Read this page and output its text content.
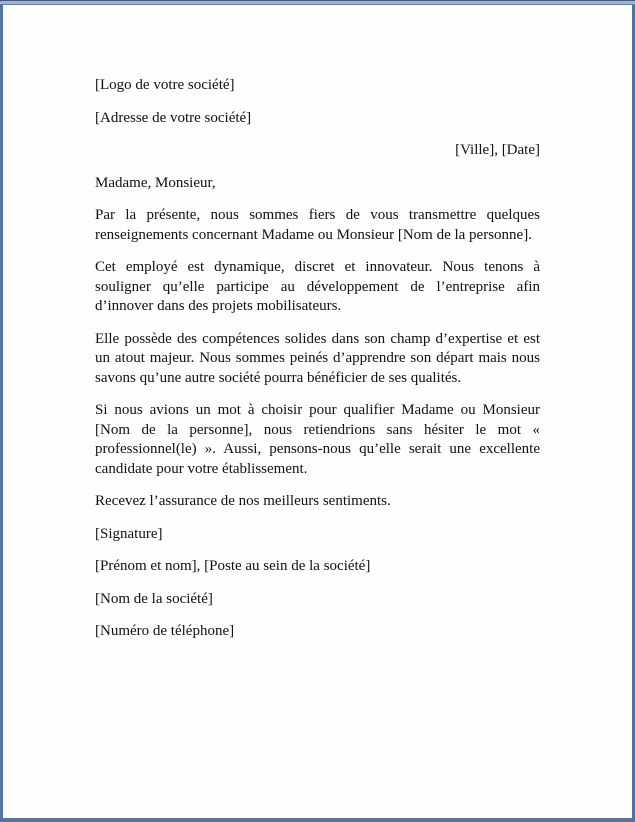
[Logo de votre société]

[Adresse de votre société]

[Ville], [Date]

Madame, Monsieur,

Par la présente, nous sommes fiers de vous transmettre quelques renseignements concernant Madame ou Monsieur [Nom de la personne].

Cet employé est dynamique, discret et innovateur. Nous tenons à souligner qu’elle participe au développement de l’entreprise afin d’innover dans des projets mobilisateurs.

Elle possède des compétences solides dans son champ d’expertise et est un atout majeur. Nous sommes peinés d’apprendre son départ mais nous savons qu’une autre société pourra bénéficier de ses qualités.

Si nous avions un mot à choisir pour qualifier Madame ou Monsieur [Nom de la personne], nous retiendrions sans hésiter le mot « professionnel(le) ». Aussi, pensons-nous qu’elle serait une excellente candidate pour votre établissement.

Recevez l’assurance de nos meilleurs sentiments.

[Signature]

[Prénom et nom], [Poste au sein de la société]

[Nom de la société]

[Numéro de téléphone]
